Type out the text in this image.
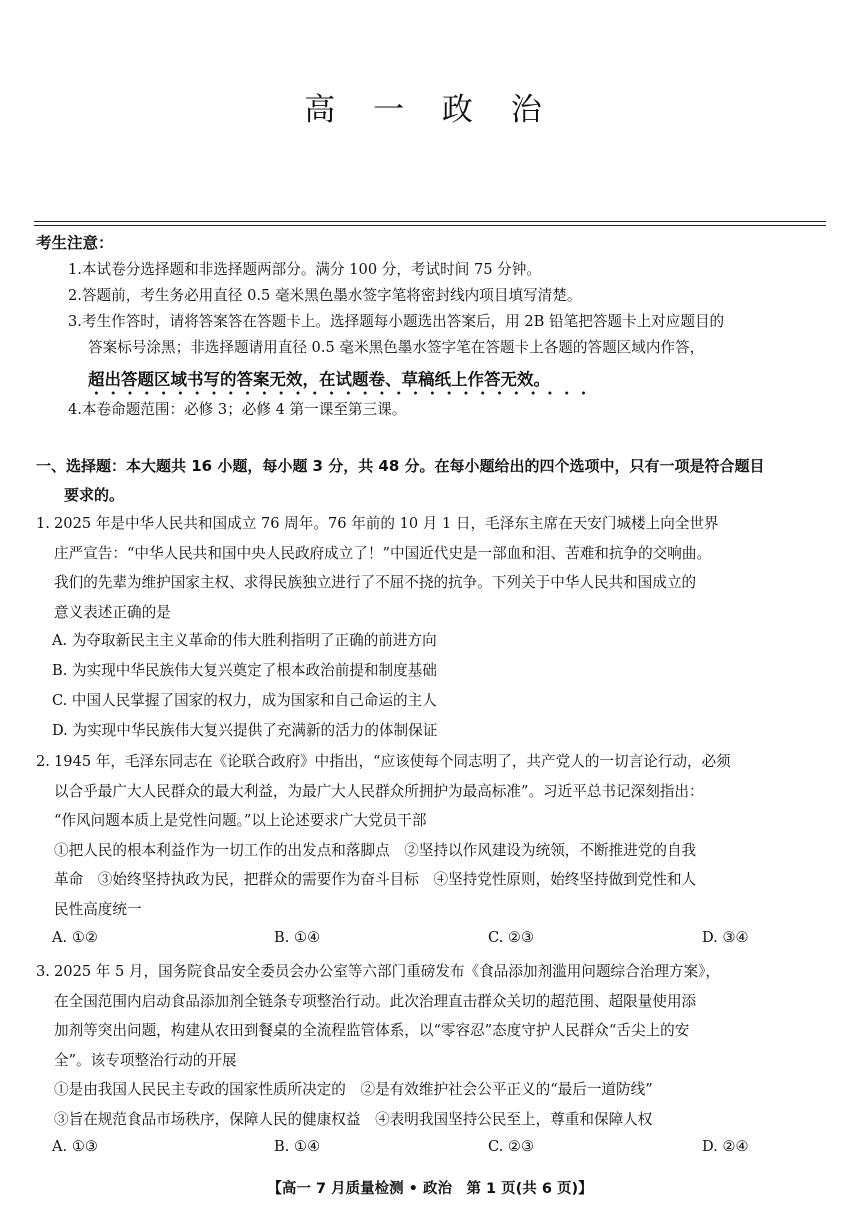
高 一 政 治
考生注意：
1.本试卷分选择题和非选择题两部分。满分 100 分，考试时间 75 分钟。
2.答题前，考生务必用直径 0.5 毫米黑色墨水签字笔将密封线内项目填写清楚。
3.考生作答时，请将答案答在答题卡上。选择题每小题选出答案后，用 2B 铅笔把答题卡上对应题目的
答案标号涂黑；非选择题请用直径 0.5 毫米黑色墨水签字笔在答题卡上各题的答题区域内作答，
超出答题区域书写的答案无效，在试题卷、草稿纸上作答无效。
4.本卷命题范围：必修 3；必修 4 第一课至第三课。
一、选择题：本大题共 16 小题，每小题 3 分，共 48 分。在每小题给出的四个选项中，只有一项是符合题目
要求的。
1. 2025 年是中华人民共和国成立 76 周年。76 年前的 10 月 1 日，毛泽东主席在天安门城楼上向全世界
庄严宣告：“中华人民共和国中央人民政府成立了！”中国近代史是一部血和泪、苦难和抗争的交响曲。
我们的先辈为维护国家主权、求得民族独立进行了不屈不挠的抗争。下列关于中华人民共和国成立的
意义表述正确的是
A. 为夺取新民主主义革命的伟大胜利指明了正确的前进方向
B. 为实现中华民族伟大复兴奠定了根本政治前提和制度基础
C. 中国人民掌握了国家的权力，成为国家和自己命运的主人
D. 为实现中华民族伟大复兴提供了充满新的活力的体制保证
2. 1945 年，毛泽东同志在《论联合政府》中指出，“应该使每个同志明了，共产党人的一切言论行动，必须
以合乎最广大人民群众的最大利益，为最广大人民群众所拥护为最高标准”。习近平总书记深刻指出：
“作风问题本质上是党性问题。”以上论述要求广大党员干部
①把人民的根本利益作为一切工作的出发点和落脚点　②坚持以作风建设为统领，不断推进党的自我
革命　③始终坚持执政为民，把群众的需要作为奋斗目标　④坚持党性原则，始终坚持做到党性和人
民性高度统一
A. ①②	B. ①④	C. ②③	D. ③④
3. 2025 年 5 月，国务院食品安全委员会办公室等六部门重磅发布《食品添加剂滥用问题综合治理方案》，
在全国范围内启动食品添加剂全链条专项整治行动。此次治理直击群众关切的超范围、超限量使用添
加剂等突出问题，构建从农田到餐桌的全流程监管体系，以“零容忍”态度守护人民群众“舌尖上的安
全”。该专项整治行动的开展
①是由我国人民民主专政的国家性质所决定的　②是有效维护社会公平正义的“最后一道防线”
③旨在规范食品市场秩序，保障人民的健康权益　④表明我国坚持公民至上，尊重和保障人权
A. ①③	B. ①④	C. ②③	D. ②④
【高一 7 月质量检测 • 政治　第 1 页(共 6 页)】
